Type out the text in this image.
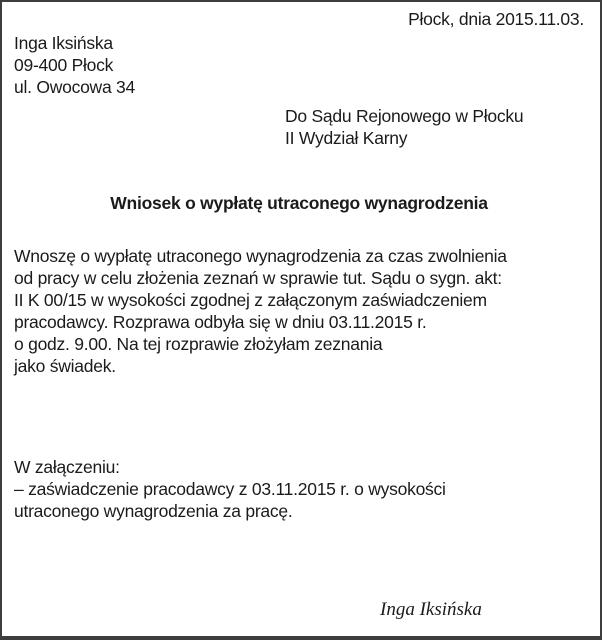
Płock, dnia 2015.11.03.
Inga Iksińska
09-400 Płock
ul. Owocowa 34
Do Sądu Rejonowego w Płocku
II Wydział Karny
Wniosek o wypłatę utraconego wynagrodzenia
Wnoszę o wypłatę utraconego wynagrodzenia za czas zwolnienia
od pracy w celu złożenia zeznań w sprawie tut. Sądu o sygn. akt:
II K 00/15 w wysokości zgodnej z załączonym zaświadczeniem
pracodawcy. Rozprawa odbyła się w dniu 03.11.2015 r.
o godz. 9.00. Na tej rozprawie złożyłam zeznania
jako świadek.
W załączeniu:
– zaświadczenie pracodawcy z 03.11.2015 r. o wysokości
utraconego wynagrodzenia za pracę.
Inga Iksińska
